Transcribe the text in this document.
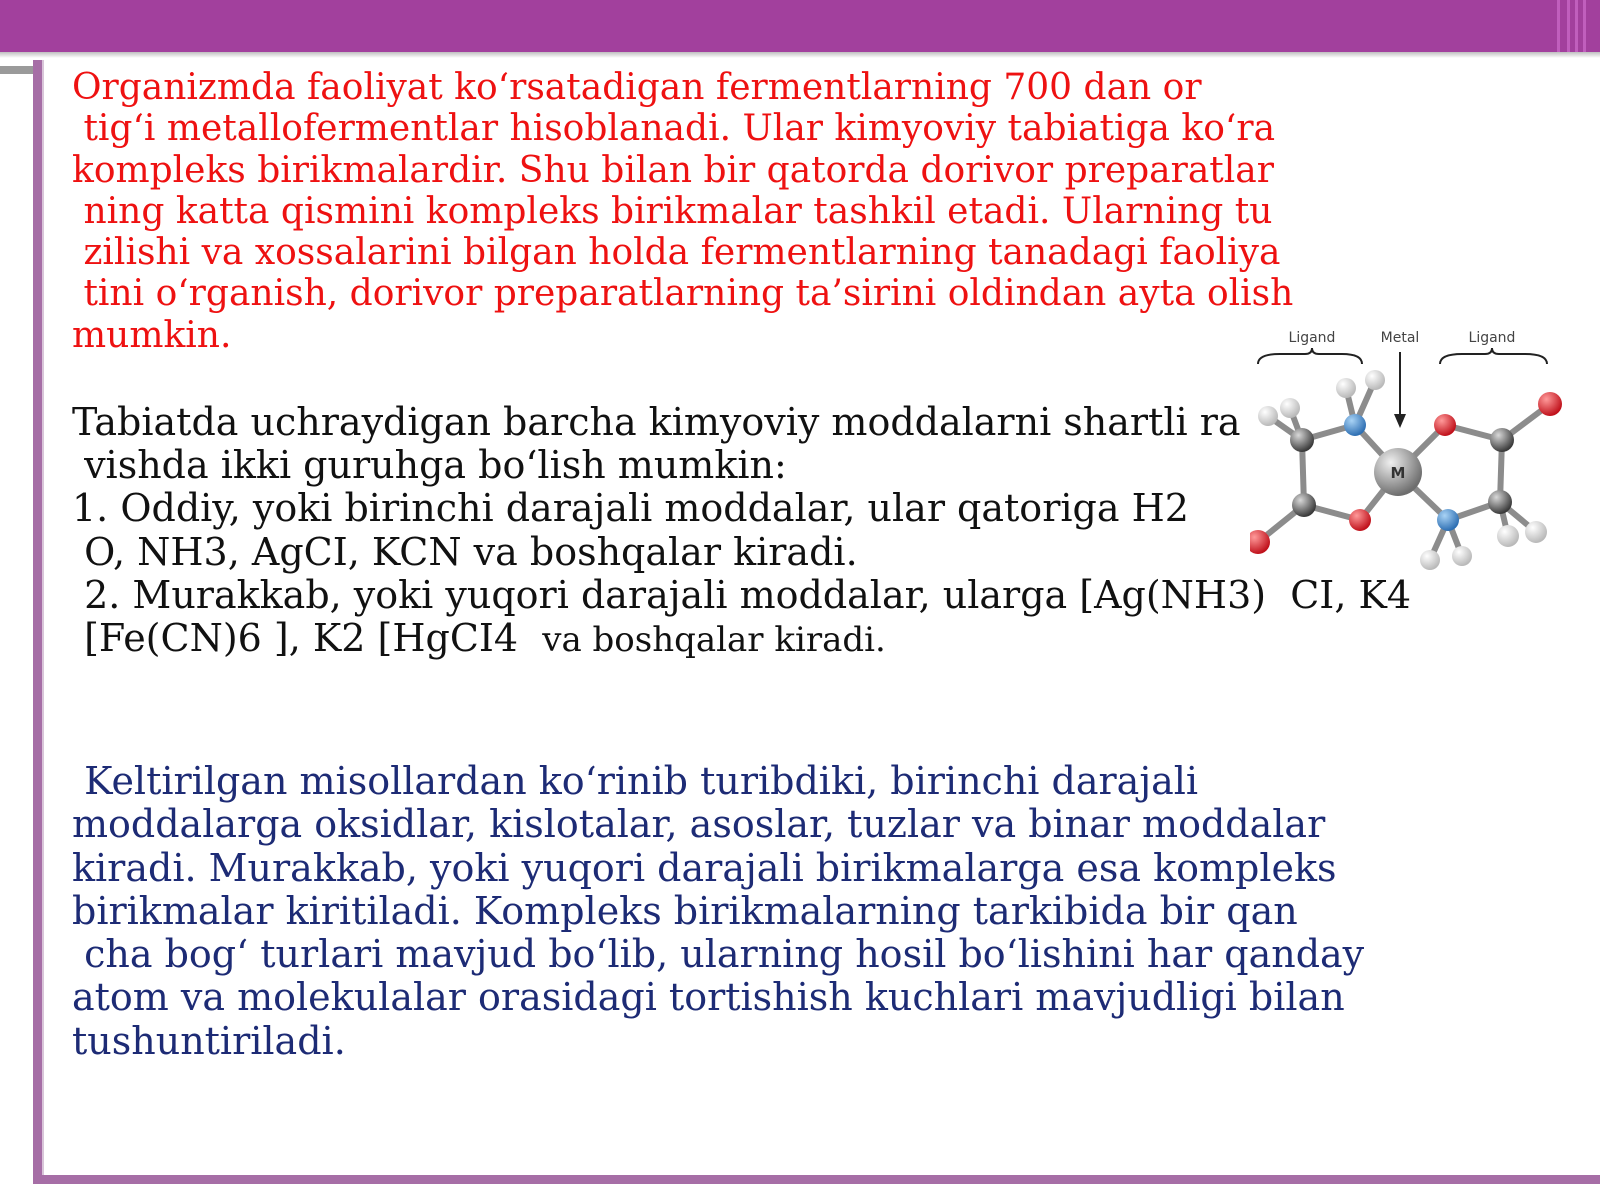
Organizmda faoliyat ko‘rsatadigan fermentlarning 700 dan or
tig‘i metallofermentlar hisoblanadi. Ular kimyoviy tabiatiga ko‘ra
kompleks birikmalardir. Shu bilan bir qatorda dorivor preparatlar
ning katta qismini kompleks birikmalar tashkil etadi. Ularning tu
zilishi va xossalarini bilgan holda fermentlarning tanadagi faoliya
tini o‘rganish, dorivor preparatlarning ta’sirini oldindan ayta olish
mumkin.

Tabiatda uchraydigan barcha kimyoviy moddalarni shartli ra
vishda ikki guruhga bo‘lish mumkin:
1. Oddiy, yoki birinchi darajali moddalar, ular qatoriga H2
O, NH3, AgCI, KCN va boshqalar kiradi.
2. Murakkab, yoki yuqori darajali moddalar, ularga [Ag(NH3)  CI, K4
[Fe(CN)6 ], K2 [HgCI4  va boshqalar kiradi.

Keltirilgan misollardan ko‘rinib turibdiki, birinchi darajali
moddalarga oksidlar, kislotalar, asoslar, tuzlar va binar moddalar
kiradi. Murakkab, yoki yuqori darajali birikmalarga esa kompleks
birikmalar kiritiladi. Kompleks birikmalarning tarkibida bir qan
cha bog‘ turlari mavjud bo‘lib, ularning hosil bo‘lishini har qanday
atom va molekulalar orasidagi tortishish kuchlari mavjudligi bilan
tushuntiriladi.

Ligand	Metal	Ligand
M
